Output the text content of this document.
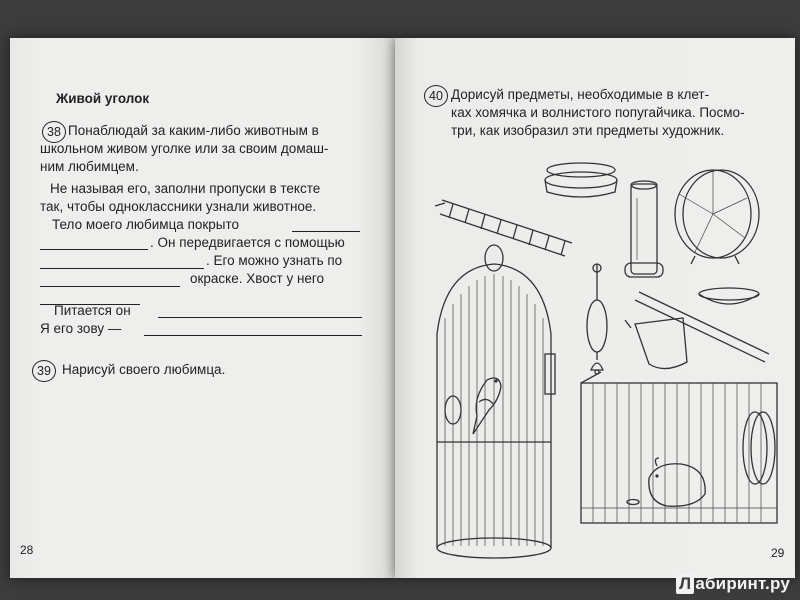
Живой уголок
38 Понаблюдай за каким-либо животным в
школьном живом уголке или за своим домаш-
ним любимцем.
Не называя его, заполни пропуски в тексте
так, чтобы одноклассники узнали животное.
Тело моего любимца покрыто
. Он передвигается с помощью
. Его можно узнать по
окраске. Хвост у него
Питается он
Я его зову —
39 Нарисуй своего любимца.
28
40 Дорисуй предметы, необходимые в клет-
ках хомячка и волнистого попугайчика. Посмо-
три, как изобразил эти предметы художник.
29
Л абиринт.ру
